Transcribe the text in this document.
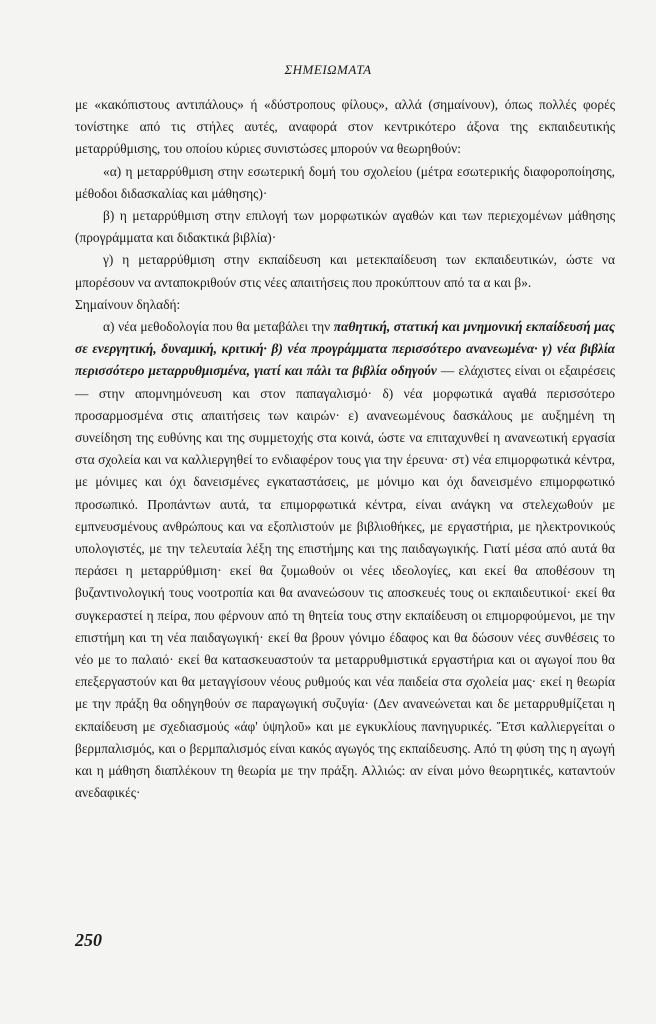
ΣΗΜΕΙΩΜΑΤΑ

με «κακόπιστους αντιπάλους» ή «δύστροπους φίλους», αλλά (σημαίνουν), όπως πολλές φορές τονίστηκε από τις στήλες αυτές, αναφορά στον κεντρικότερο άξονα της εκπαιδευτικής μεταρρύθμισης, του οποίου κύριες συνιστώσες μπορούν να θεωρηθούν:

«α) η μεταρρύθμιση στην εσωτερική δομή του σχολείου (μέτρα εσωτερικής διαφοροποίησης, μέθοδοι διδασκαλίας και μάθησης)·

β) η μεταρρύθμιση στην επιλογή των μορφωτικών αγαθών και των περιεχομένων μάθησης (προγράμματα και διδακτικά βιβλία)·

γ) η μεταρρύθμιση στην εκπαίδευση και μετεκπαίδευση των εκπαιδευτικών, ώστε να μπορέσουν να ανταποκριθούν στις νέες απαιτήσεις που προκύπτουν από τα α και β».

Σημαίνουν δηλαδή:

α) νέα μεθοδολογία που θα μεταβάλει την παθητική, στατική και μνημονική εκπαίδευσή μας σε ενεργητική, δυναμική, κριτική· β) νέα προγράμματα περισσότερο ανανεωμένα· γ) νέα βιβλία περισσότερο μεταρρυθμισμένα, γιατί και πάλι τα βιβλία οδηγούν — ελάχιστες είναι οι εξαιρέσεις — στην απομνημόνευση και στον παπαγαλισμό· δ) νέα μορφωτικά αγαθά περισσότερο προσαρμοσμένα στις απαιτήσεις των καιρών· ε) ανανεωμένους δασκάλους με αυξημένη τη συνείδηση της ευθύνης και της συμμετοχής στα κοινά, ώστε να επιταχυνθεί η ανανεωτική εργασία στα σχολεία και να καλλιεργηθεί το ενδιαφέρον τους για την έρευνα· στ) νέα επιμορφωτικά κέντρα, με μόνιμες και όχι δανεισμένες εγκαταστάσεις, με μόνιμο και όχι δανεισμένο επιμορφωτικό προσωπικό. Πρoπάντων αυτά, τα επιμορφωτικά κέντρα, είναι ανάγκη να στελεχωθούν με εμπνευσμένους ανθρώπους και να εξοπλιστούν με βιβλιοθήκες, με εργαστήρια, με ηλεκτρονικούς υπολογιστές, με την τελευταία λέξη της επιστήμης και της παιδαγωγικής. Γιατί μέσα από αυτά θα περάσει η μεταρρύθμιση· εκεί θα ζυμωθούν οι νέες ιδεολογίες, και εκεί θα αποθέσουν τη βυζαντινολογική τους νοοτροπία και θα ανανεώσουν τις αποσκευές τους οι εκπαιδευτικοί· εκεί θα συγκεραστεί η πείρα, που φέρνουν από τη θητεία τους στην εκπαίδευση οι επιμορφούμενοι, με την επιστήμη και τη νέα παιδαγωγική· εκεί θα βρουν γόνιμο έδαφος και θα δώσουν νέες συνθέσεις το νέο με το παλαιό· εκεί θα κατασκευαστούν τα μεταρρυθμιστικά εργαστήρια και οι αγωγοί που θα επεξεργαστούν και θα μεταγγίσουν νέους ρυθμούς και νέα παιδεία στα σχολεία μας· εκεί η θεωρία με την πράξη θα οδηγηθούν σε παραγωγική συζυγία· (Δεν ανανεώνεται και δε μεταρρυθμίζεται η εκπαίδευση με σχεδιασμούς «άφ' ὑψηλοῦ» και με εγκυκλίους πανηγυρικές. Ἔτσι καλλιεργείται ο βερμπαλισμός, και ο βερμπαλισμός είναι κακός αγωγός της εκπαίδευσης. Από τη φύση της η αγωγή και η μάθηση διαπλέκουν τη θεωρία με την πράξη. Αλλιώς: αν είναι μόνο θεωρητικές, καταντούν ανεδαφικές·

250
